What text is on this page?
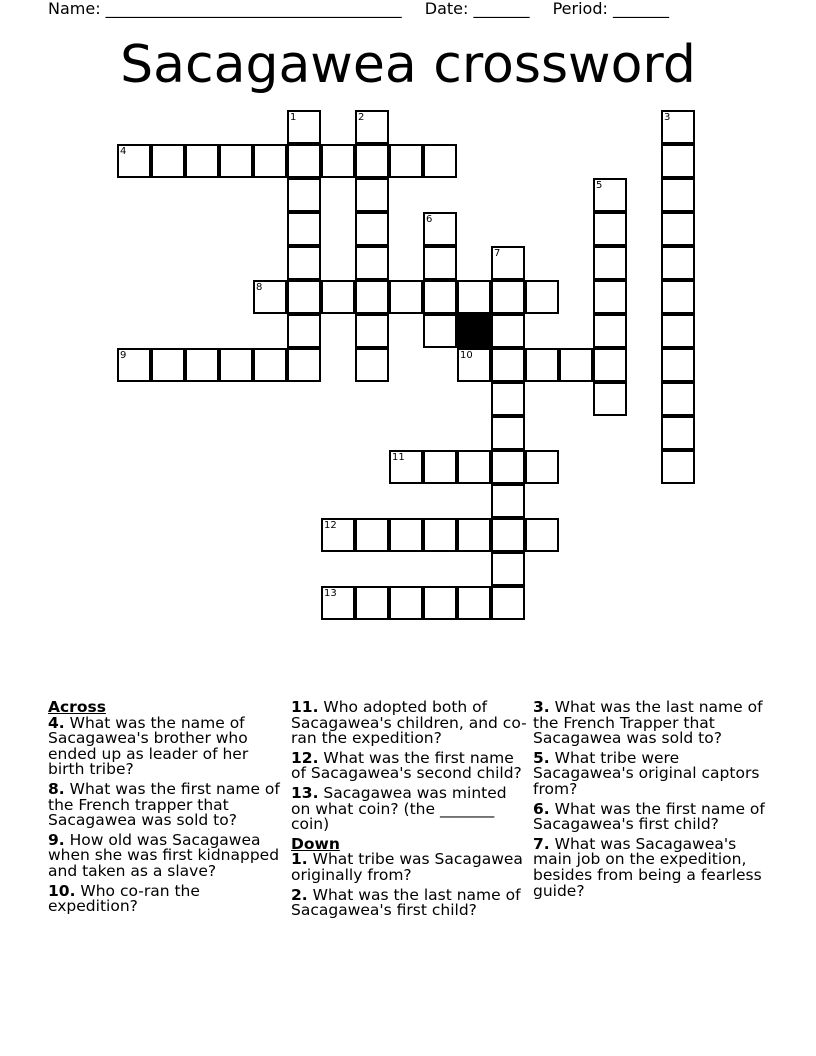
Name: _____________________________________ Date: _______ Period: _______
Sacagawea crossword
1	2	3
4
5
6
7
8
9	10
11
12
13
Across
4. What was the name of Sacagawea's brother who ended up as leader of her birth tribe?
8. What was the first name of the French trapper that Sacagawea was sold to?
9. How old was Sacagawea when she was first kidnapped and taken as a slave?
10. Who co-ran the expedition?
11. Who adopted both of Sacagawea's children, and co-ran the expedition?
12. What was the first name of Sacagawea's second child?
13. Sacagawea was minted on what coin? (the _______ coin)
Down
1. What tribe was Sacagawea originally from?
2. What was the last name of Sacagawea's first child?
3. What was the last name of the French Trapper that Sacagawea was sold to?
5. What tribe were Sacagawea's original captors from?
6. What was the first name of Sacagawea's first child?
7. What was Sacagawea's main job on the expedition, besides from being a fearless guide?
